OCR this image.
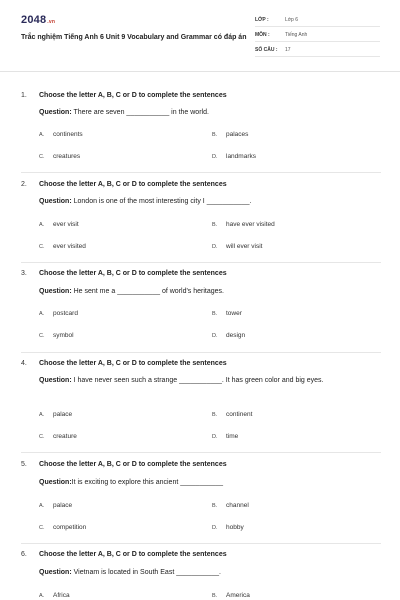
2048.vn
Trắc nghiệm Tiếng Anh 6 Unit 9 Vocabulary and Grammar có đáp án
LỚP :	Lớp 6
MÔN :	Tiếng Anh
SỐ CÂU : 17
1. Choose the letter A, B, C or D to complete the sentences
Question: There are seven ___________ in the world.
A. continents	B. palaces
C. creatures	D. landmarks
2. Choose the letter A, B, C or D to complete the sentences
Question: London is one of the most interesting city I ___________.
A. ever visit	B. have ever visited
C. ever visited	D. will ever visit
3. Choose the letter A, B, C or D to complete the sentences
Question: He sent me a ___________ of world's heritages.
A. postcard	B. tower
C. symbol	D. design
4. Choose the letter A, B, C or D to complete the sentences
Question: I have never seen such a strange ___________. It has green color and big eyes.
A. palace	B. continent
C. creature	D. time
5. Choose the letter A, B, C or D to complete the sentences
Question:It is exciting to explore this ancient ___________
A. palace	B. channel
C. competition	D. hobby
6. Choose the letter A, B, C or D to complete the sentences
Question: Vietnam is located in South East ___________.
A. Africa	B. America
